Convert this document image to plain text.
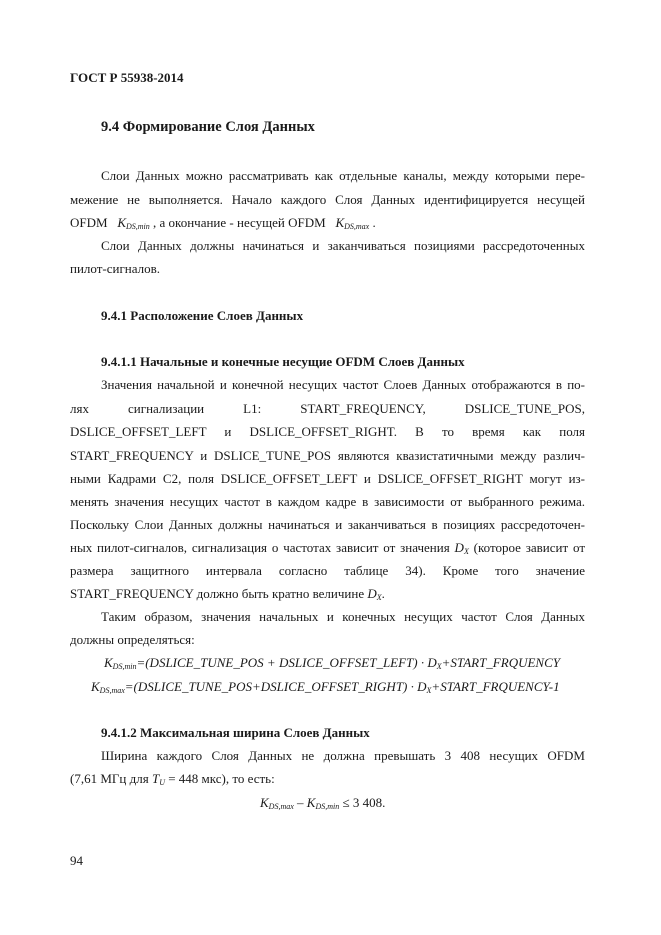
ГОСТ Р 55938-2014
9.4 Формирование Слоя Данных
Слои Данных можно рассматривать как отдельные каналы, между которыми пере-
межение не выполняется. Начало каждого Слоя Данных идентифицируется несущей
OFDM $K_{DS,min}$ , а окончание - несущей OFDM $K_{DS,max}$ .
Слои Данных должны начинаться и заканчиваться позициями рассредоточенных
пилот-сигналов.
9.4.1 Расположение Слоев Данных
9.4.1.1 Начальные и конечные несущие OFDM Слоев Данных
Значения начальной и конечной несущих частот Слоев Данных отображаются в по-
лях сигнализации L1: START_FREQUENCY, DSLICE_TUNE_POS,
DSLICE_OFFSET_LEFT и DSLICE_OFFSET_RIGHT. В то время как поля
START_FREQUENCY и DSLICE_TUNE_POS являются квазистатичными между различ-
ными Кадрами С2, поля DSLICE_OFFSET_LEFT и DSLICE_OFFSET_RIGHT могут из-
менять значения несущих частот в каждом кадре в зависимости от выбранного режима.
Поскольку Слои Данных должны начинаться и заканчиваться в позициях рассредоточен-
ных пилот-сигналов, сигнализация о частотах зависит от значения $D_X$ (которое зависит от
размера защитного интервала согласно таблице 34). Кроме того значение
START_FREQUENCY должно быть кратно величине $D_X$.
Таким образом, значения начальных и конечных несущих частот Слоя Данных
должны определяться:
$K_{DS,min}=(DSLICE\_TUNE\_POS$ + DSLICE_OFFSET_LEFT) · $D_X+START\_FRQUENCY$
$K_{DS,max}=(DSLICE\_TUNE\_POS+DSLICE\_OFFSET\_RIGHT)$ · $D_X+START\_FRQUENCY-1$
9.4.1.2 Максимальная ширина Слоев Данных
Ширина каждого Слоя Данных не должна превышать 3 408 несущих OFDM
(7,61 МГц для $T_U = 448$ мкс), то есть:
$K_{DS,max} - K_{DS,min} \le 3$ 408.
94
